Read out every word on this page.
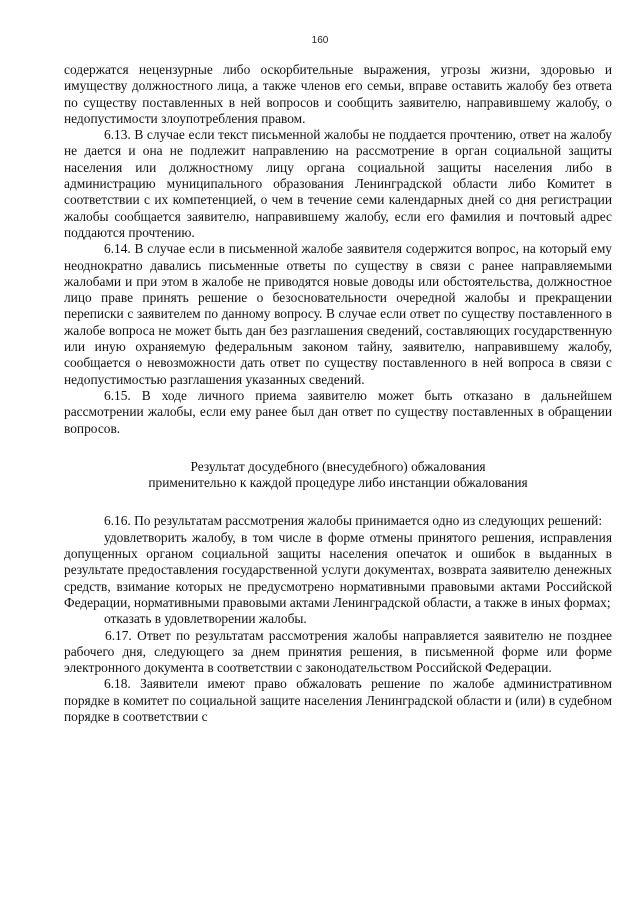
160

содержатся нецензурные либо оскорбительные выражения, угрозы жизни, здоровью и имуществу должностного лица, а также членов его семьи, вправе оставить жалобу без ответа по существу поставленных в ней вопросов и сообщить заявителю, направившему жалобу, о недопустимости злоупотребления правом.

6.13. В случае если текст письменной жалобы не поддается прочтению, ответ на жалобу не дается и она не подлежит направлению на рассмотрение в орган социальной защиты населения или должностному лицу органа социальной защиты населения либо в администрацию муниципального образования Ленинградской области либо Комитет в соответствии с их компетенцией, о чем в течение семи календарных дней со дня регистрации жалобы сообщается заявителю, направившему жалобу, если его фамилия и почтовый адрес поддаются прочтению.

6.14. В случае если в письменной жалобе заявителя содержится вопрос, на который ему неоднократно давались письменные ответы по существу в связи с ранее направляемыми жалобами и при этом в жалобе не приводятся новые доводы или обстоятельства, должностное лицо праве принять решение о безосновательности очередной жалобы и прекращении переписки с заявителем по данному вопросу. В случае если ответ по существу поставленного в жалобе вопроса не может быть дан без разглашения сведений, составляющих государственную или иную охраняемую федеральным законом тайну, заявителю, направившему жалобу, сообщается о невозможности дать ответ по существу поставленного в ней вопроса в связи с недопустимостью разглашения указанных сведений.

6.15. В ходе личного приема заявителю может быть отказано в дальнейшем рассмотрении жалобы, если ему ранее был дан ответ по существу поставленных в обращении вопросов.

Результат досудебного (внесудебного) обжалования

применительно к каждой процедуре либо инстанции обжалования

6.16. По результатам рассмотрения жалобы принимается одно из следующих решений:

удовлетворить жалобу, в том числе в форме отмены принятого решения, исправления допущенных органом социальной защиты населения опечаток и ошибок в выданных в результате предоставления государственной услуги документах, возврата заявителю денежных средств, взимание которых не предусмотрено нормативными правовыми актами Российской Федерации, нормативными правовыми актами Ленинградской области, а также в иных формах;

отказать в удовлетворении жалобы.

6.17. Ответ по результатам рассмотрения жалобы направляется заявителю не позднее рабочего дня, следующего за днем принятия решения, в письменной форме или форме электронного документа в соответствии с законодательством Российской Федерации.

6.18. Заявители имеют право обжаловать решение по жалобе административном порядке в комитет по социальной защите населения Ленинградской области и (или) в судебном порядке в соответствии с
